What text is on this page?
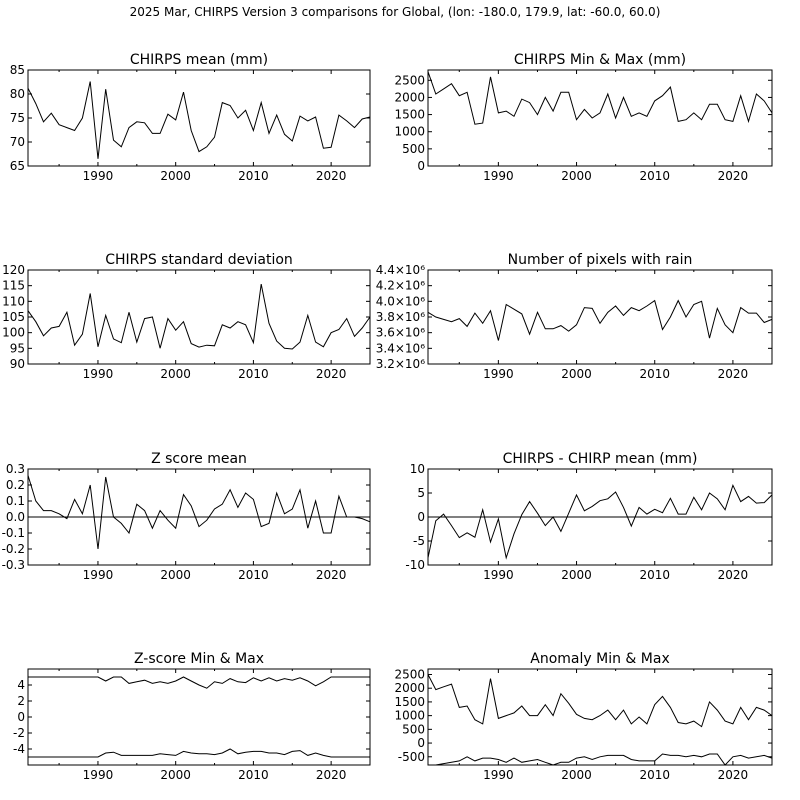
2025 Mar, CHIRPS Version 3 comparisons for Global, (lon: -180.0, 179.9, lat: -60.0, 60.0)
CHIRPS mean (mm)
1990	2000	2010	2020
65
70
75
80
85
CHIRPS Min & Max (mm)
1990	2000	2010	2020
0
500
1000
1500
2000
2500
CHIRPS standard deviation
1990	2000	2010	2020
90
95
100
105
110
115
120
Number of pixels with rain
1990	2000	2010	2020
3.2×10⁶
3.4×10⁶
3.6×10⁶
3.8×10⁶
4.0×10⁶
4.2×10⁶
4.4×10⁶
Z score mean
1990	2000	2010	2020
-0.3
-0.2
-0.1
0.0
0.1
0.2
0.3
CHIRPS - CHIRP mean (mm)
1990	2000	2010	2020
-10
-5
0
5
10
Z-score Min & Max
1990	2000	2010	2020
-4
-2
0
2
4
Anomaly Min & Max
1990	2000	2010	2020
-500
0
500
1000
1500
2000
2500
